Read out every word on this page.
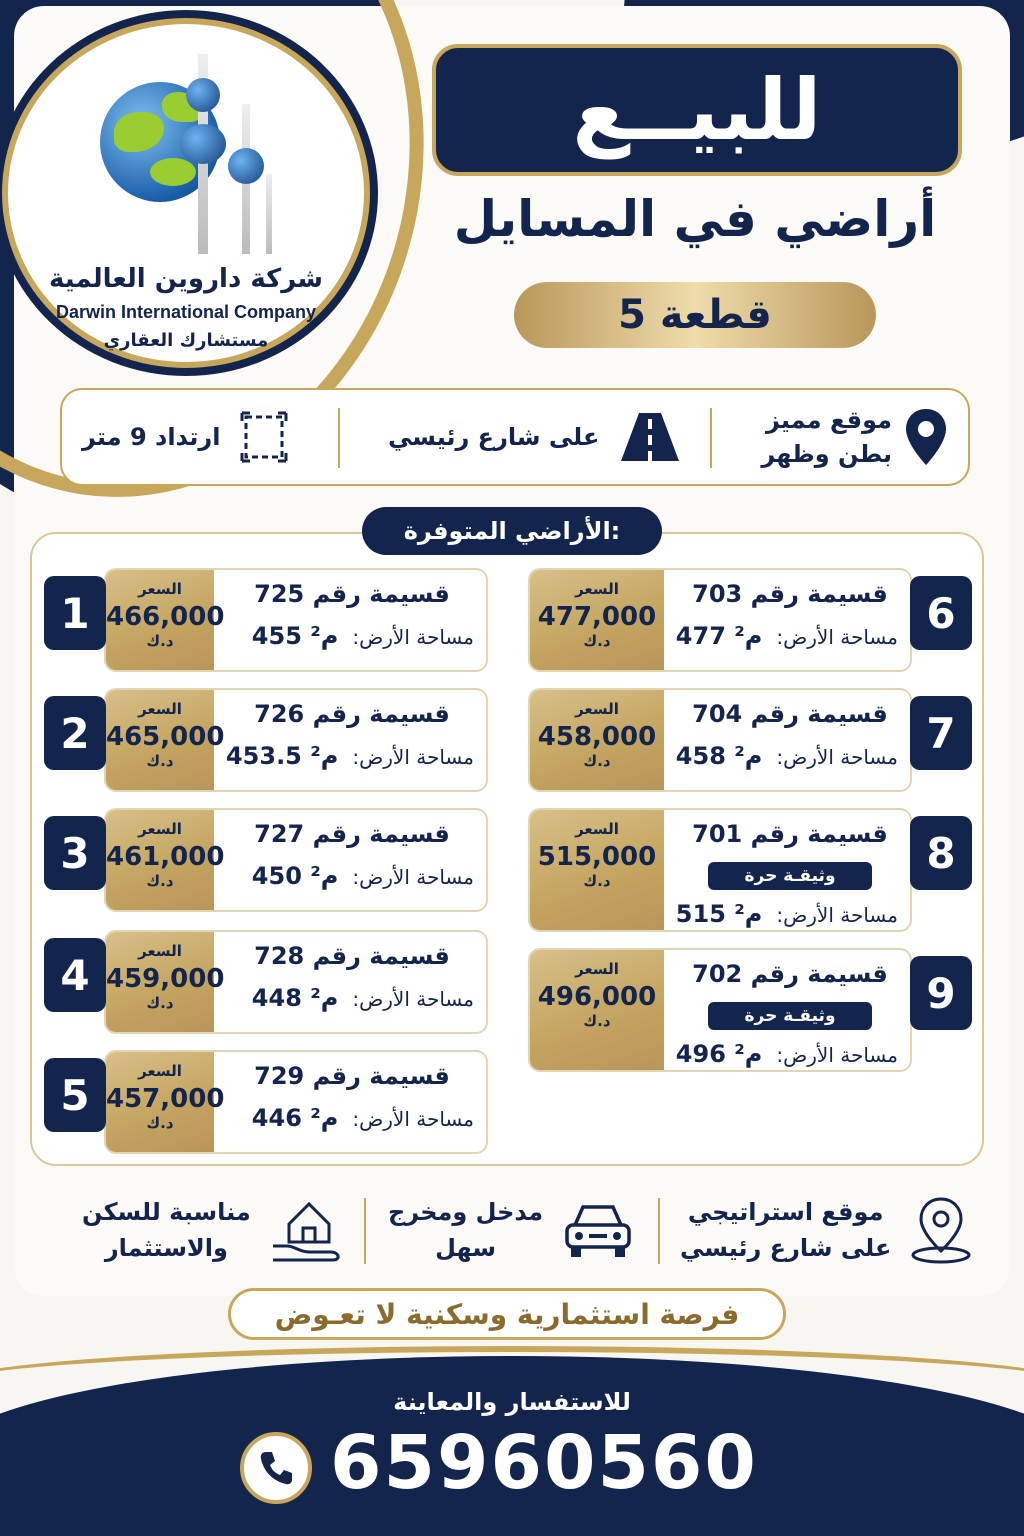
شركة داروين العالمية
Darwin International Company
مستشارك العقاري
للبيــع
أراضي في المسايل
قطعة 5
موقع مميز
بطن وظهر
على شارع رئيسي
ارتداد 9 متر
الأراضي المتوفرة:
السعر
466,000
د.ك
قسيمة رقم 725
مساحة الأرض:
455 م²
1
السعر
465,000
د.ك
قسيمة رقم 726
مساحة الأرض:
453.5 م²
2
السعر
461,000
د.ك
قسيمة رقم 727
مساحة الأرض:
450 م²
3
السعر
459,000
د.ك
قسيمة رقم 728
مساحة الأرض:
448 م²
4
السعر
457,000
د.ك
قسيمة رقم 729
مساحة الأرض:
446 م²
5
السعر
477,000
د.ك
قسيمة رقم 703
مساحة الأرض:
477 م²	6
السعر
458,000
د.ك
قسيمة رقم 704
مساحة الأرض:
458 م²	7
السعر
515,000
د.ك
قسيمة رقم 701
وثيقـة حرة
مساحة الأرض:
515 م²
8
السعر
496,000
د.ك
قسيمة رقم 702
وثيقـة حرة
مساحة الأرض:
496 م²
9
موقع استراتيجي
على شارع رئيسي
مدخل ومخرج
سهل
مناسبة للسكن
والاستثمار
فرصة استثمارية وسكنية لا تعـوض
للاستفسار والمعاينة
65960560
